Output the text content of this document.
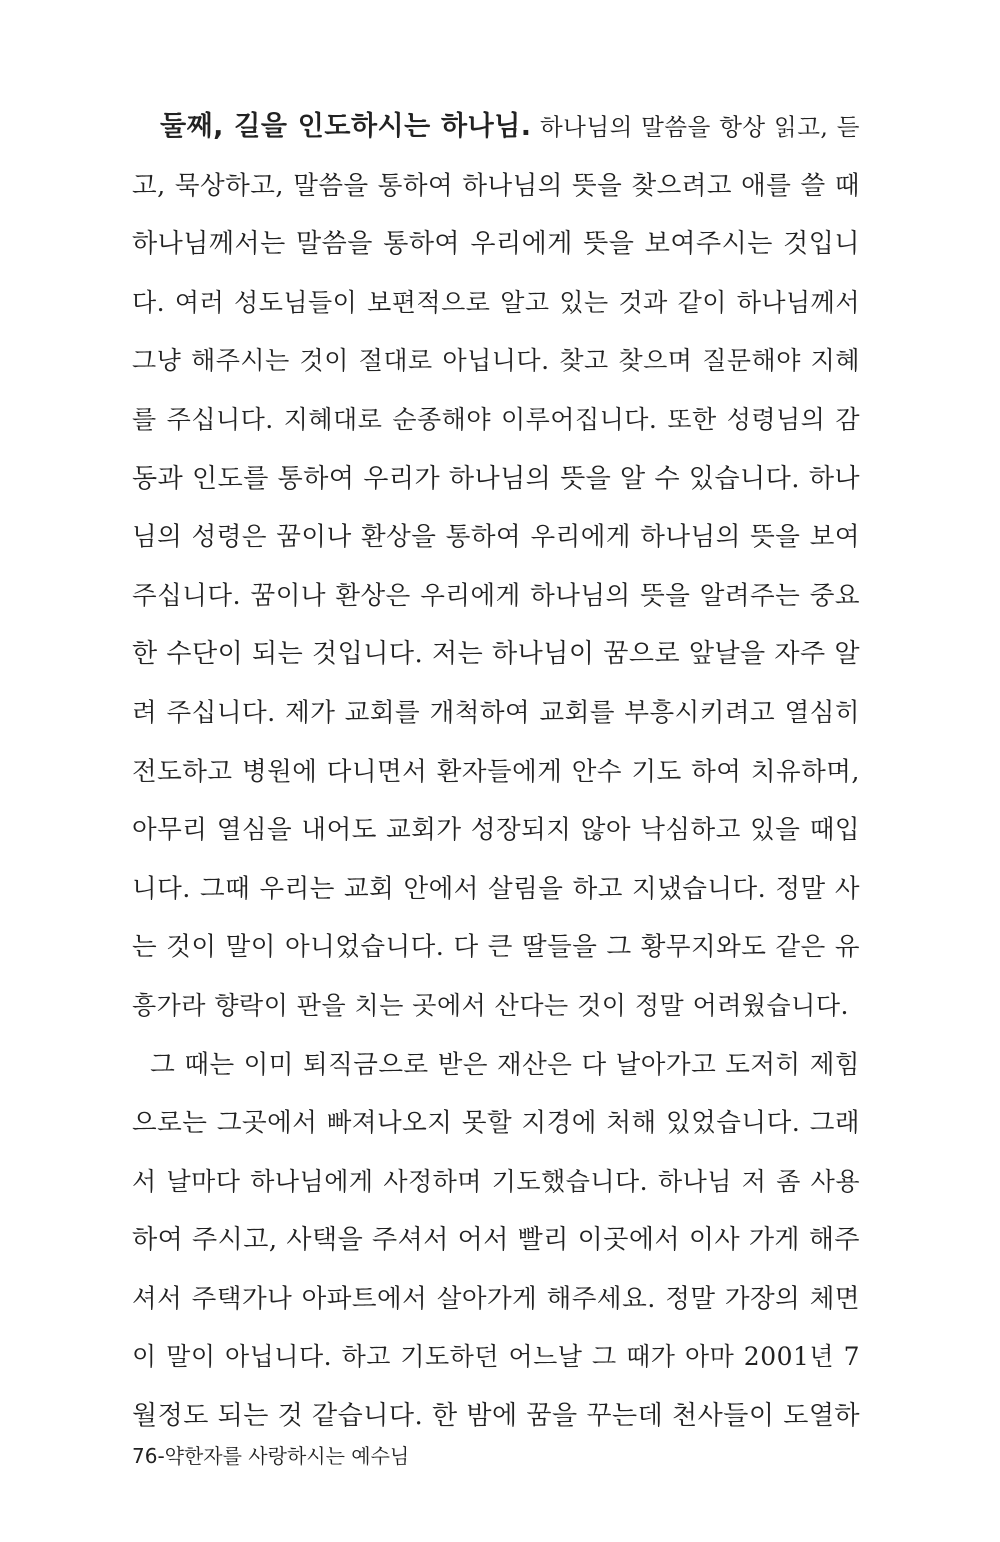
둘째, 길을 인도하시는 하나님. 하나님의 말씀을 항상 읽고, 듣
고, 묵상하고, 말씀을 통하여 하나님의 뜻을 찾으려고 애를 쓸 때
하나님께서는 말씀을 통하여 우리에게 뜻을 보여주시는 것입니
다. 여러 성도님들이 보편적으로 알고 있는 것과 같이 하나님께서
그냥 해주시는 것이 절대로 아닙니다. 찾고 찾으며 질문해야 지혜
를 주십니다. 지혜대로 순종해야 이루어집니다. 또한 성령님의 감
동과 인도를 통하여 우리가 하나님의 뜻을 알 수 있습니다. 하나
님의 성령은 꿈이나 환상을 통하여 우리에게 하나님의 뜻을 보여
주십니다. 꿈이나 환상은 우리에게 하나님의 뜻을 알려주는 중요
한 수단이 되는 것입니다. 저는 하나님이 꿈으로 앞날을 자주 알
려 주십니다. 제가 교회를 개척하여 교회를 부흥시키려고 열심히
전도하고 병원에 다니면서 환자들에게 안수 기도 하여 치유하며,
아무리 열심을 내어도 교회가 성장되지 않아 낙심하고 있을 때입
니다. 그때 우리는 교회 안에서 살림을 하고 지냈습니다. 정말 사
는 것이 말이 아니었습니다. 다 큰 딸들을 그 황무지와도 같은 유
흥가라 향락이 판을 치는 곳에서 산다는 것이 정말 어려웠습니다.
그 때는 이미 퇴직금으로 받은 재산은 다 날아가고 도저히 제힘
으로는 그곳에서 빠져나오지 못할 지경에 처해 있었습니다. 그래
서 날마다 하나님에게 사정하며 기도했습니다. 하나님 저 좀 사용
하여 주시고, 사택을 주셔서 어서 빨리 이곳에서 이사 가게 해주
셔서 주택가나 아파트에서 살아가게 해주세요. 정말 가장의 체면
이 말이 아닙니다. 하고 기도하던 어느날 그 때가 아마 2001년 7
월정도 되는 것 같습니다. 한 밤에 꿈을 꾸는데 천사들이 도열하
76-약한자를 사랑하시는 예수님
